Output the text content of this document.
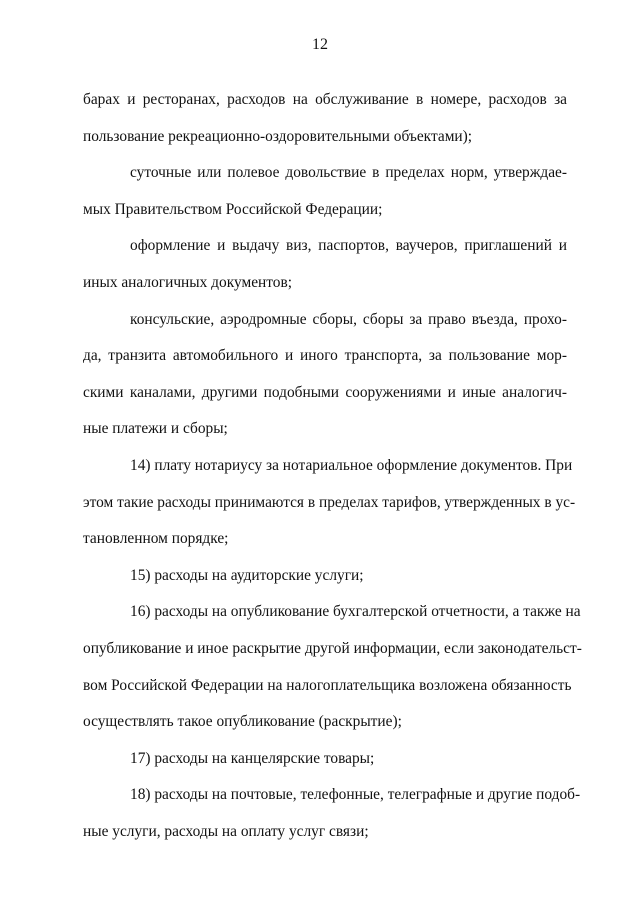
12
барах и ресторанах, расходов на обслуживание в номере, расходов за
пользование рекреационно-оздоровительными объектами);
суточные или полевое довольствие в пределах норм, утверждае-
мых Правительством Российской Федерации;
оформление и выдачу виз, паспортов, ваучеров, приглашений и
иных аналогичных документов;
консульские, аэродромные сборы, сборы за право въезда, прохо-
да, транзита автомобильного и иного транспорта, за пользование мор-
скими каналами, другими подобными сооружениями и иные аналогич-
ные платежи и сборы;
14) плату нотариусу за нотариальное оформление документов. При
этом такие расходы принимаются в пределах тарифов, утвержденных в ус-
тановленном порядке;
15) расходы на аудиторские услуги;
16) расходы на опубликование бухгалтерской отчетности, а также на
опубликование и иное раскрытие другой информации, если законодательст-
вом Российской Федерации на налогоплательщика возложена обязанность
осуществлять такое опубликование (раскрытие);
17) расходы на канцелярские товары;
18) расходы на почтовые, телефонные, телеграфные и другие подоб-
ные услуги, расходы на оплату услуг связи;
